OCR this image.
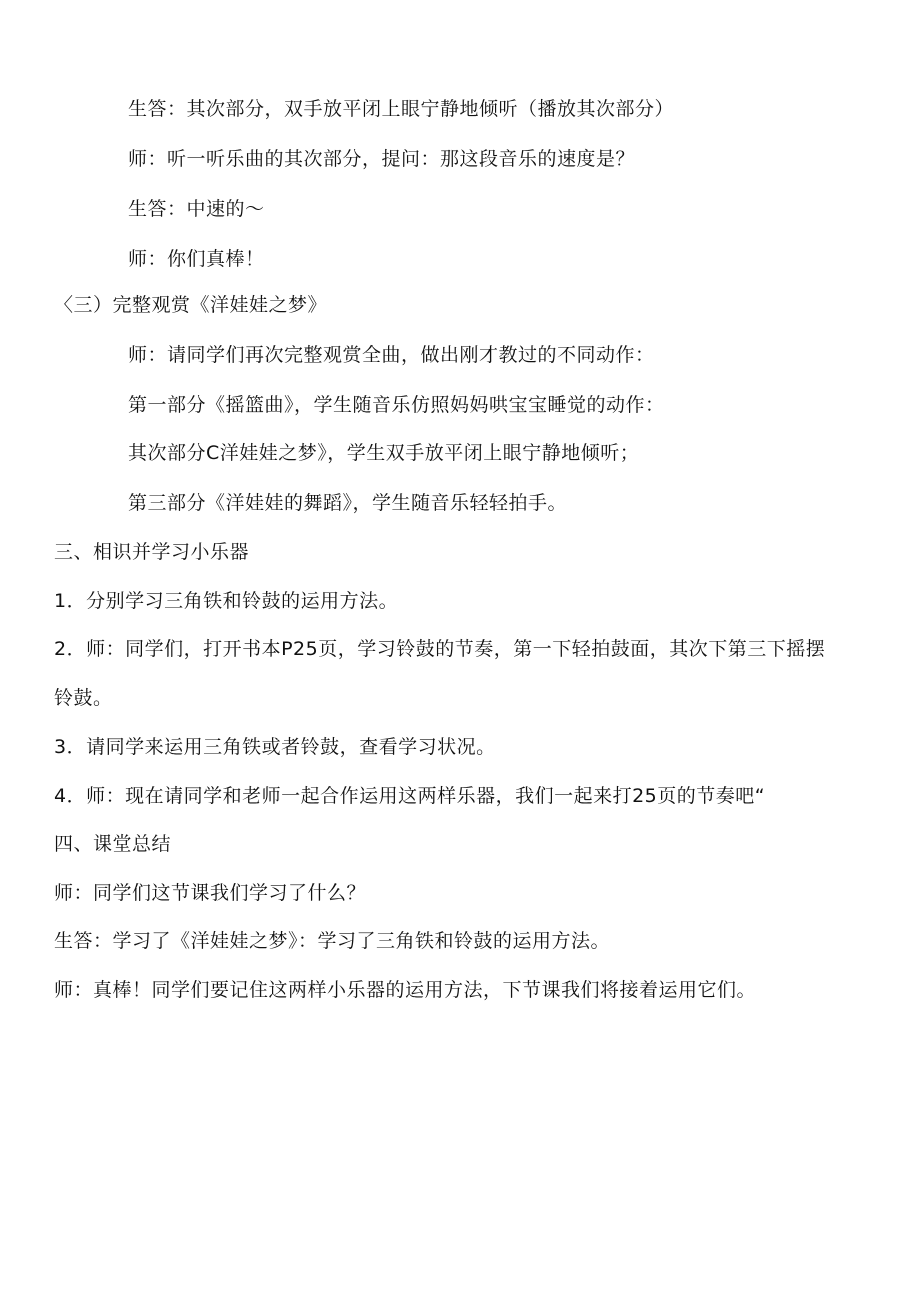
生答：其次部分，双手放平闭上眼宁静地倾听（播放其次部分）

师：听一听乐曲的其次部分，提问：那这段音乐的速度是？

生答：中速的～

师：你们真棒！

〈三）完整观赏《洋娃娃之梦》

师：请同学们再次完整观赏全曲，做出刚才教过的不同动作：

第一部分《摇篮曲》，学生随音乐仿照妈妈哄宝宝睡觉的动作：

其次部分C洋娃娃之梦》，学生双手放平闭上眼宁静地倾听；

第三部分《洋娃娃的舞蹈》，学生随音乐轻轻拍手。

三、相识并学习小乐器

1．分别学习三角铁和铃鼓的运用方法。

2．师：同学们，打开书本P25页，学习铃鼓的节奏，第一下轻拍鼓面，其次下第三下摇摆

铃鼓。

3．请同学来运用三角铁或者铃鼓，查看学习状况。

4．师：现在请同学和老师一起合作运用这两样乐器，我们一起来打25页的节奏吧“

四、课堂总结

师：同学们这节课我们学习了什么？

生答：学习了《洋娃娃之梦》：学习了三角铁和铃鼓的运用方法。

师：真棒！同学们要记住这两样小乐器的运用方法，下节课我们将接着运用它们。
